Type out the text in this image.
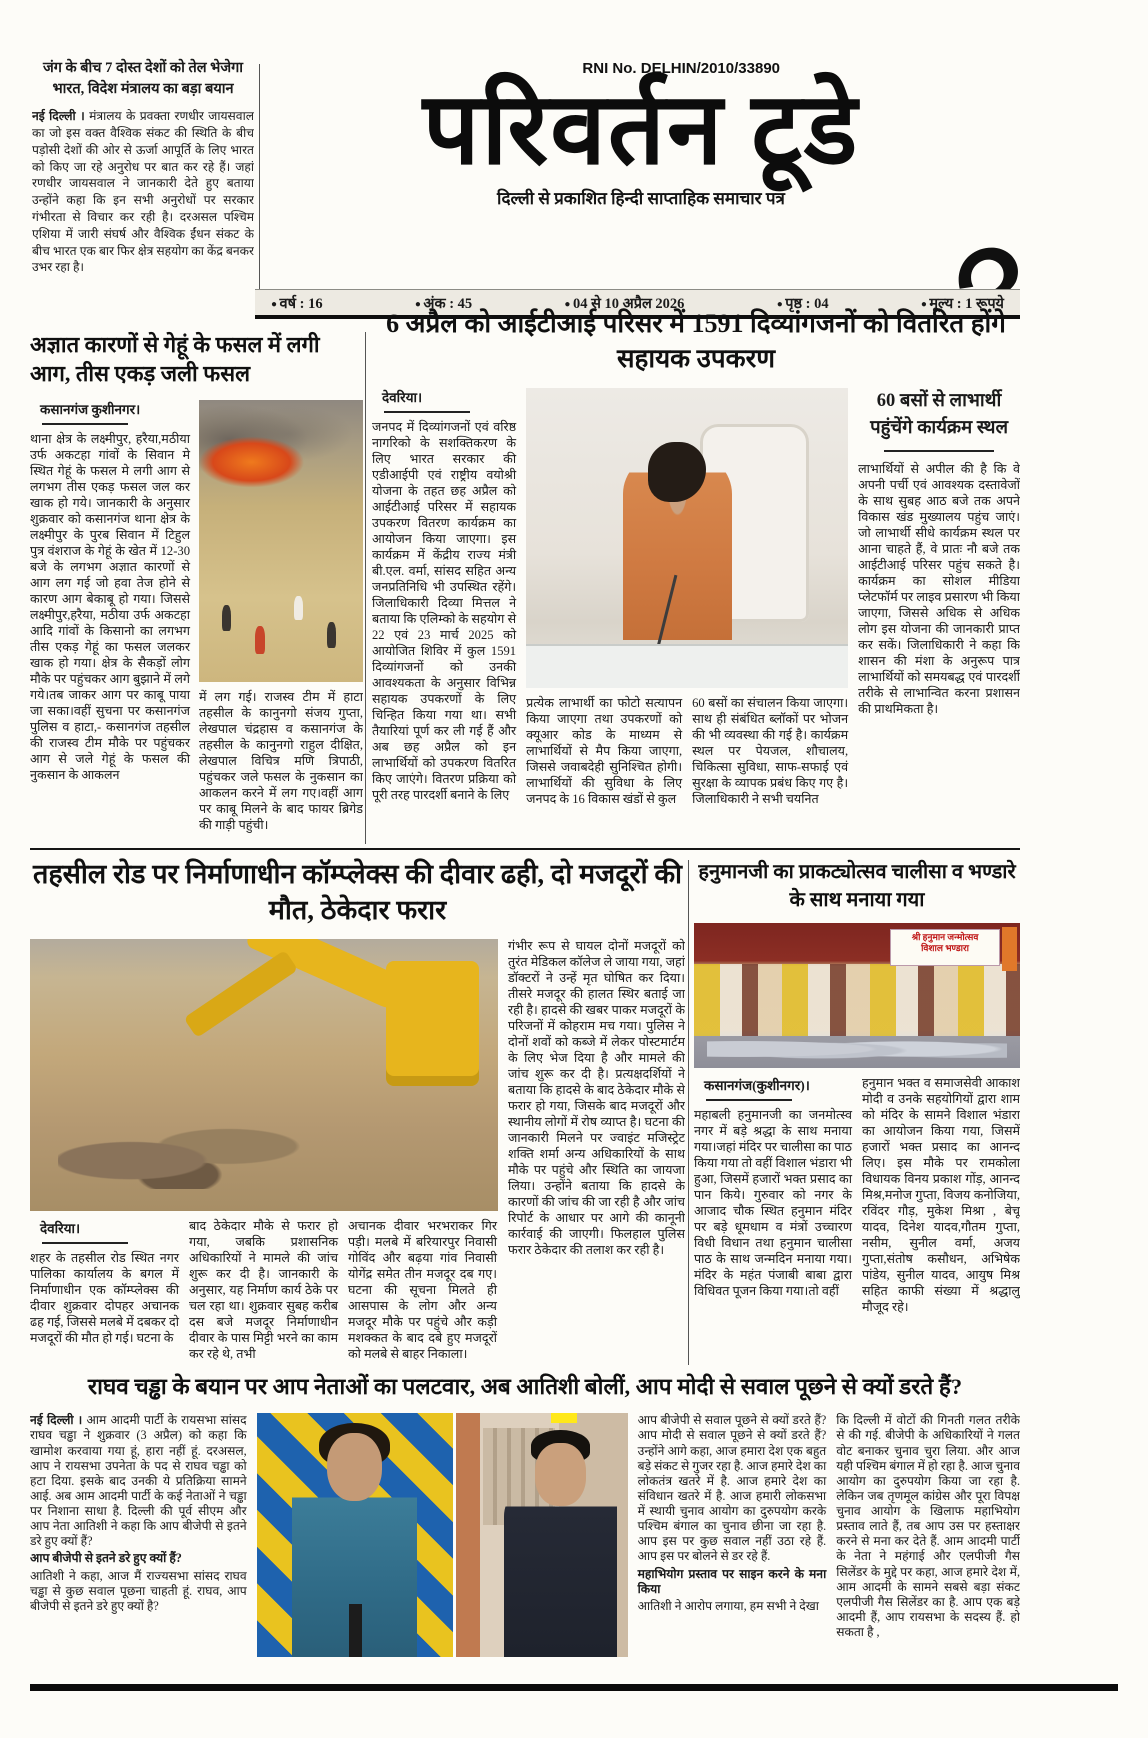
जंग के बीच 7 दोस्त देशों को तेल भेजेगा भारत, विदेश मंत्रालय का बड़ा बयान

नई दिल्ली । मंत्रालय के प्रवक्ता रणधीर जायसवाल का जो इस वक्त वैश्विक संकट की स्थिति के बीच पड़ोसी देशों की ओर से ऊर्जा आपूर्ति के लिए भारत को किए जा रहे अनुरोध पर बात कर रहे हैं। जहां रणधीर जायसवाल ने जानकारी देते हुए बताया उन्होंने कहा कि इन सभी अनुरोधों पर सरकार गंभीरता से विचार कर रही है। दरअसल पश्चिम एशिया में जारी संघर्ष और वैश्विक ईंधन संकट के बीच भारत एक बार फिर क्षेत्र सहयोग का केंद्र बनकर उभर रहा है।

RNI No. DELHIN/2010/33890
परिवर्तन टूडे
दिल्ली से प्रकाशित हिन्दी साप्ताहिक समाचार पत्र
● वर्ष : 16	● अंक : 45	● 04 से 10 अप्रैल 2026	● पृष्ठ : 04	● मूल्य : 1 रूपये
अज्ञात कारणों से गेहूं के फसल में लगी आग, तीस एकड़ जली फसल

कसानगंज कुशीनगर।

थाना क्षेत्र के लक्ष्मीपुर, हरैया,मठीया उर्फ अकटहा गांवों के सिवान मे स्थित गेहूं के फसल मे लगी आग से लगभग तीस एकड़ फसल जल कर खाक हो गये। जानकारी के अनुसार शुक्रवार को कसानगंज थाना क्षेत्र के लक्ष्मीपुर के पुरब सिवान में टिहुल पुत्र वंशराज के गेहूं के खेत में 12-30 बजे के लगभग अज्ञात कारणों से आग लग गई जो हवा तेज होने से कारण आग बेकाबू हो गया। जिससे लक्ष्मीपुर,हरैया, मठीया उर्फ अकटहा आदि गांवों के किसानो का लगभग तीस एकड़ गेहूं का फसल जलकर खाक हो गया। क्षेत्र के सैकड़ों लोग मौके पर पहुंचकर आग बुझाने में लगे गये।तब जाकर आग पर काबू पाया जा सका।वहीं सुचना पर कसानगंज पुलिस व हाटा,- कसानगंज तहसील की राजस्व टीम मौके पर पहुंचकर आग से जले गेहूं के फसल की नुकसान के आकलन

में लग गई। राजस्व टीम में हाटा तहसील के कानुनगो संजय गुप्ता, लेखपाल चंद्रहास व कसानगंज के तहसील के कानुनगो राहुल दीक्षित, लेखपाल विचित्र मणि त्रिपाठी, पहुंचकर जले फसल के नुकसान का आकलन करने में लग गए।वहीं आग पर काबू मिलने के बाद फायर ब्रिगेड की गाड़ी पहुंची।

6 अप्रैल को आईटीआई परिसर में 1591 दिव्यांगजनों को वितरित होंगे सहायक उपकरण

देवरिया।

जनपद में दिव्यांगजनों एवं वरिष्ठ नागरिको के सशक्तिकरण के लिए भारत सरकार की एडीआईपी एवं राष्ट्रीय वयोश्री योजना के तहत छह अप्रैल को आईटीआई परिसर में सहायक उपकरण वितरण कार्यक्रम का आयोजन किया जाएगा। इस कार्यक्रम में केंद्रीय राज्य मंत्री बी.एल. वर्मा, सांसद सहित अन्य जनप्रतिनिधि भी उपस्थित रहेंगे। जिलाधिकारी दिव्या मित्तल ने बताया कि एलिम्को के सहयोग से 22 एवं 23 मार्च 2025 को आयोजित शिविर में कुल 1591 दिव्यांगजनों को उनकी आवश्यकता के अनुसार विभिन्न सहायक उपकरणों के लिए चिन्हित किया गया था। सभी तैयारियां पूर्ण कर ली गई हैं और अब छह अप्रैल को इन लाभार्थियों को उपकरण वितरित किए जाएंगे। वितरण प्रक्रिया को पूरी तरह पारदर्शी बनाने के लिए

प्रत्येक लाभार्थी का फोटो सत्यापन किया जाएगा तथा उपकरणों को क्यूआर कोड के माध्यम से लाभार्थियों से मैप किया जाएगा, जिससे जवाबदेही सुनिश्चित होगी। लाभार्थियों की सुविधा के लिए जनपद के 16 विकास खंडों से कुल

60 बसों का संचालन किया जाएगा। साथ ही संबंधित ब्लॉकों पर भोजन की भी व्यवस्था की गई है। कार्यक्रम स्थल पर पेयजल, शौचालय, चिकित्सा सुविधा, साफ-सफाई एवं सुरक्षा के व्यापक प्रबंध किए गए है। जिलाधिकारी ने सभी चयनित

60 बसों से लाभार्थी पहुंचेंगे कार्यक्रम स्थल

लाभार्थियों से अपील की है कि वे अपनी पर्ची एवं आवश्यक दस्तावेजों के साथ सुबह आठ बजे तक अपने विकास खंड मुख्यालय पहुंच जाएं। जो लाभार्थी सीधे कार्यक्रम स्थल पर आना चाहते हैं, वे प्रातः नौ बजे तक आईटीआई परिसर पहुंच सकते है। कार्यक्रम का सोशल मीडिया प्लेटफॉर्म पर लाइव प्रसारण भी किया जाएगा, जिससे अधिक से अधिक लोग इस योजना की जानकारी प्राप्त कर सकें। जिलाधिकारी ने कहा कि शासन की मंशा के अनुरूप पात्र लाभार्थियों को समयबद्ध एवं पारदर्शी तरीके से लाभान्वित करना प्रशासन की प्राथमिकता है।

तहसील रोड पर निर्माणाधीन कॉम्प्लेक्स की दीवार ढही, दो मजदूरों की मौत, ठेकेदार फरार

देवरिया।

शहर के तहसील रोड स्थित नगर पालिका कार्यालय के बगल में निर्माणाधीन एक कॉम्प्लेक्स की दीवार शुक्रवार दोपहर अचानक ढह गई, जिससे मलबे में दबकर दो मजदूरों की मौत हो गई। घटना के

बाद ठेकेदार मौके से फरार हो गया, जबकि प्रशासनिक अधिकारियों ने मामले की जांच शुरू कर दी है। जानकारी के अनुसार, यह निर्माण कार्य ठेके पर चल रहा था। शुक्रवार सुबह करीब दस बजे मजदूर निर्माणाधीन दीवार के पास मिट्टी भरने का काम कर रहे थे, तभी

अचानक दीवार भरभराकर गिर पड़ी। मलबे में बरियारपुर निवासी गोविंद और बढ़या गांव निवासी योगेंद्र समेत तीन मजदूर दब गए। घटना की सूचना मिलते ही आसपास के लोग और अन्य मजदूर मौके पर पहुंचे और कड़ी मशक्कत के बाद दबे हुए मजदूरों को मलबे से बाहर निकाला।

गंभीर रूप से घायल दोनों मजदूरों को तुरंत मेडिकल कॉलेज ले जाया गया, जहां डॉक्टरों ने उन्हें मृत घोषित कर दिया। तीसरे मजदूर की हालत स्थिर बताई जा रही है। हादसे की खबर पाकर मजदूरों के परिजनों में कोहराम मच गया। पुलिस ने दोनों शवों को कब्जे में लेकर पोस्टमार्टम के लिए भेज दिया है और मामले की जांच शुरू कर दी है। प्रत्यक्षदर्शियों ने बताया कि हादसे के बाद ठेकेदार मौके से फरार हो गया, जिसके बाद मजदूरों और स्थानीय लोगों में रोष व्याप्त है। घटना की जानकारी मिलने पर ज्वाइंट मजिस्ट्रेट शक्ति शर्मा अन्य अधिकारियों के साथ मौके पर पहुंचे और स्थिति का जायजा लिया। उन्होंने बताया कि हादसे के कारणों की जांच की जा रही है और जांच रिपोर्ट के आधार पर आगे की कानूनी कार्रवाई की जाएगी। फिलहाल पुलिस फरार ठेकेदार की तलाश कर रही है।

हनुमानजी का प्राकट्योत्सव चालीसा व भण्डारे के साथ मनाया गया
श्री हनुमान जन्मोत्सव
विशाल भण्डारा

कसानगंज(कुशीनगर)।

महाबली हनुमानजी का जनमोत्स्व नगर में बड़े श्रद्धा के साथ मनाया गया।जहां मंदिर पर चालीसा का पाठ किया गया तो वहीं विशाल भंडारा भी हुआ, जिसमें हजारों भक्त प्रसाद का पान किये। गुरुवार को नगर के आजाद चौक स्थित हनुमान मंदिर पर बड़े धूमधाम व मंत्रों उच्चारण विधी विधान तथा हनुमान चालीसा पाठ के साथ जन्मदिन मनाया गया।मंदिर के महंत पंजाबी बाबा द्वारा विधिवत पूजन किया गया।तो वहीं

हनुमान भक्त व समाजसेवी आकाश मोदी व उनके सहयोगियों द्वारा शाम को मंदिर के सामने विशाल भंडारा का आयोजन किया गया, जिसमें हजारों भक्त प्रसाद का आनन्द लिए। इस मौके पर रामकोला विधायक विनय प्रकाश गोंड़, आनन्द मिश्र,मनोज गुप्ता, विजय कनोजिया, रविंदर गौड़, मुकेश मिश्रा , बेचू यादव, दिनेश यादव,गौतम गुप्ता, नसीम, सुनील वर्मा, अजय गुप्ता,संतोष कसौधन, अभिषेक पांडेय, सुनील यादव, आयुष मिश्र सहित काफी संख्या में श्रद्धालु मौजूद रहे।

राघव चड्ढा के बयान पर आप नेताओं का पलटवार, अब आतिशी बोलीं, आप मोदी से सवाल पूछने से क्यों डरते हैं?

नई दिल्ली । आम आदमी पार्टी के रायसभा सांसद राघव चड्ढा ने शुक्रवार (3 अप्रैल) को कहा कि खामोश करवाया गया हूं, हारा नहीं हूं. दरअसल, आप ने रायसभा उपनेता के पद से राघव चड्ढा को हटा दिया. इसके बाद उनकी ये प्रतिक्रिया सामने आई. अब आम आदमी पार्टी के कई नेताओं ने चड्ढा पर निशाना साधा है. दिल्ली की पूर्व सीएम और आप नेता आतिशी ने कहा कि आप बीजेपी से इतने डरे हुए क्यों हैं?

आप बीजेपी से इतने डरे हुए क्यों हैं?

आतिशी ने कहा, आज मैं राज्यसभा सांसद राघव चड्ढा से कुछ सवाल पूछना चाहती हूं. राघव, आप बीजेपी से इतने डरे हुए क्यों है?

आप बीजेपी से सवाल पूछने से क्यों डरते हैं? आप मोदी से सवाल पूछने से क्यों डरते हैं? उन्होंने आगे कहा, आज हमारा देश एक बहुत बड़े संकट से गुजर रहा है. आज हमारे देश का लोकतंत्र खतरे में है. आज हमारे देश का संविधान खतरे में है. आज हमारी लोकसभा में स्थायी चुनाव आयोग का दुरुपयोग करके पश्चिम बंगाल का चुनाव छीना जा रहा है. आप इस पर कुछ सवाल नहीं उठा रहे हैं. आप इस पर बोलने से डर रहे हैं.

महाभियोग प्रस्ताव पर साइन करने के मना किया

आतिशी ने आरोप लगाया, हम सभी ने देखा

कि दिल्ली में वोटों की गिनती गलत तरीके से की गई. बीजेपी के अधिकारियों ने गलत वोट बनाकर चुनाव चुरा लिया. और आज यही पश्चिम बंगाल में हो रहा है. आज चुनाव आयोग का दुरुपयोग किया जा रहा है. लेकिन जब तृणमूल कांग्रेस और पूरा विपक्ष चुनाव आयोग के खिलाफ महाभियोग प्रस्ताव लाते हैं, तब आप उस पर हस्ताक्षर करने से मना कर देते हैं. आम आदमी पार्टी के नेता ने महंगाई और एलपीजी गैस सिलेंडर के मुद्दे पर कहा, आज हमारे देश में, आम आदमी के सामने सबसे बड़ा संकट एलपीजी गैस सिलेंडर का है. आप एक बड़े आदमी हैं, आप रायसभा के सदस्य हैं. हो सकता है ,
